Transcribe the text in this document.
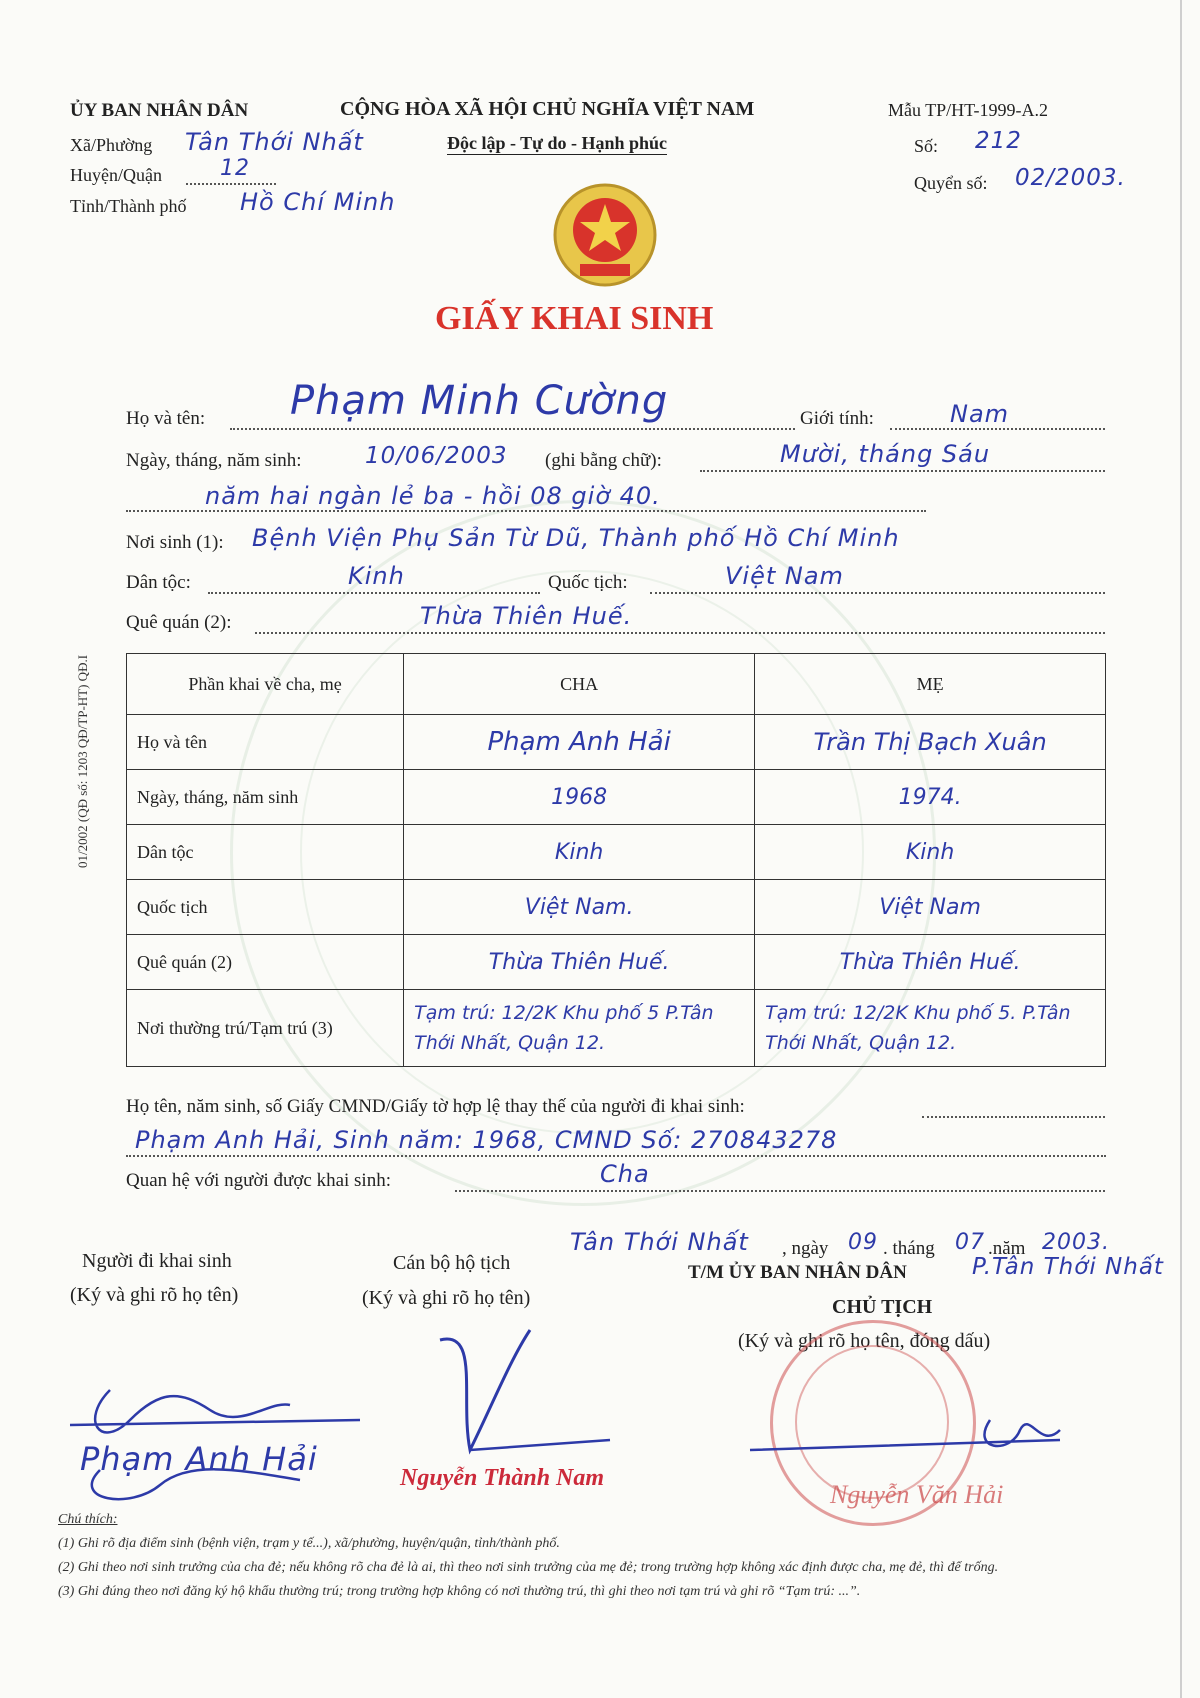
ỦY BAN NHÂN DÂN
Xã/Phường Tân Thới Nhất
Huyện/Quận	12
Tỉnh/Thành phố Hồ Chí Minh
CỘNG HÒA XÃ HỘI CHỦ NGHĨA VIỆT NAM
Độc lập - Tự do - Hạnh phúc
Mẫu TP/HT-1999-A.2
Số: 212
Quyển số: 02/2003.
GIẤY KHAI SINH
01/2002 (QĐ số: 1203 QĐ/TP-HT) QĐ.I
Họ và tên: Phạm Minh Cường	Giới tính:	Nam
Ngày, tháng, năm sinh:	10/06/2003 (ghi bằng chữ):	Mười, tháng Sáu
năm hai ngàn lẻ ba - hồi 08 giờ 40.
Nơi sinh (1): Bệnh Viện Phụ Sản Từ Dũ, Thành phố Hồ Chí Minh
Dân tộc:	Kinh	Quốc tịch:	Việt Nam
Quê quán (2):	Thừa Thiên Huế.
Phần khai về cha, mẹ	CHA	MẸ
Họ và tên	Phạm Anh Hải	Trần Thị Bạch Xuân
Ngày, tháng, năm sinh	1968	1974.
Dân tộc	Kinh	Kinh
Quốc tịch	Việt Nam.	Việt Nam
Quê quán (2)	Thừa Thiên Huế.	Thừa Thiên Huế.
Nơi thường trú/Tạm trú (3)	Tạm trú: 12/2K Khu phố 5 P.Tân Thới Nhất, Quận 12.	Tạm trú: 12/2K Khu phố 5. P.Tân Thới Nhất, Quận 12.
Họ tên, năm sinh, số Giấy CMND/Giấy tờ hợp lệ thay thế của người đi khai sinh:
Phạm Anh Hải, Sinh năm: 1968, CMND Số: 270843278
Quan hệ với người được khai sinh:	Cha
Tân Thới Nhất , ngày 09 . tháng 07 .năm 2003.
Người đi khai sinh
(Ký và ghi rõ họ tên)
Cán bộ hộ tịch
(Ký và ghi rõ họ tên)
T/M ỦY BAN NHÂN DÂN	P.Tân Thới Nhất
CHỦ TỊCH
(Ký và ghi rõ họ tên, đóng dấu)
Phạm Anh Hải	Nguyễn Thành Nam
Nguyễn Văn Hải
Chú thích:
(1) Ghi rõ địa điểm sinh (bệnh viện, trạm y tế...), xã/phường, huyện/quận, tỉnh/thành phố.
(2) Ghi theo nơi sinh trưởng của cha đẻ; nếu không rõ cha đẻ là ai, thì theo nơi sinh trưởng của mẹ đẻ; trong trường hợp không xác định được cha, mẹ đẻ, thì để trống.
(3) Ghi đúng theo nơi đăng ký hộ khẩu thường trú; trong trường hợp không có nơi thường trú, thì ghi theo nơi tạm trú và ghi rõ “Tạm trú: ...”.
